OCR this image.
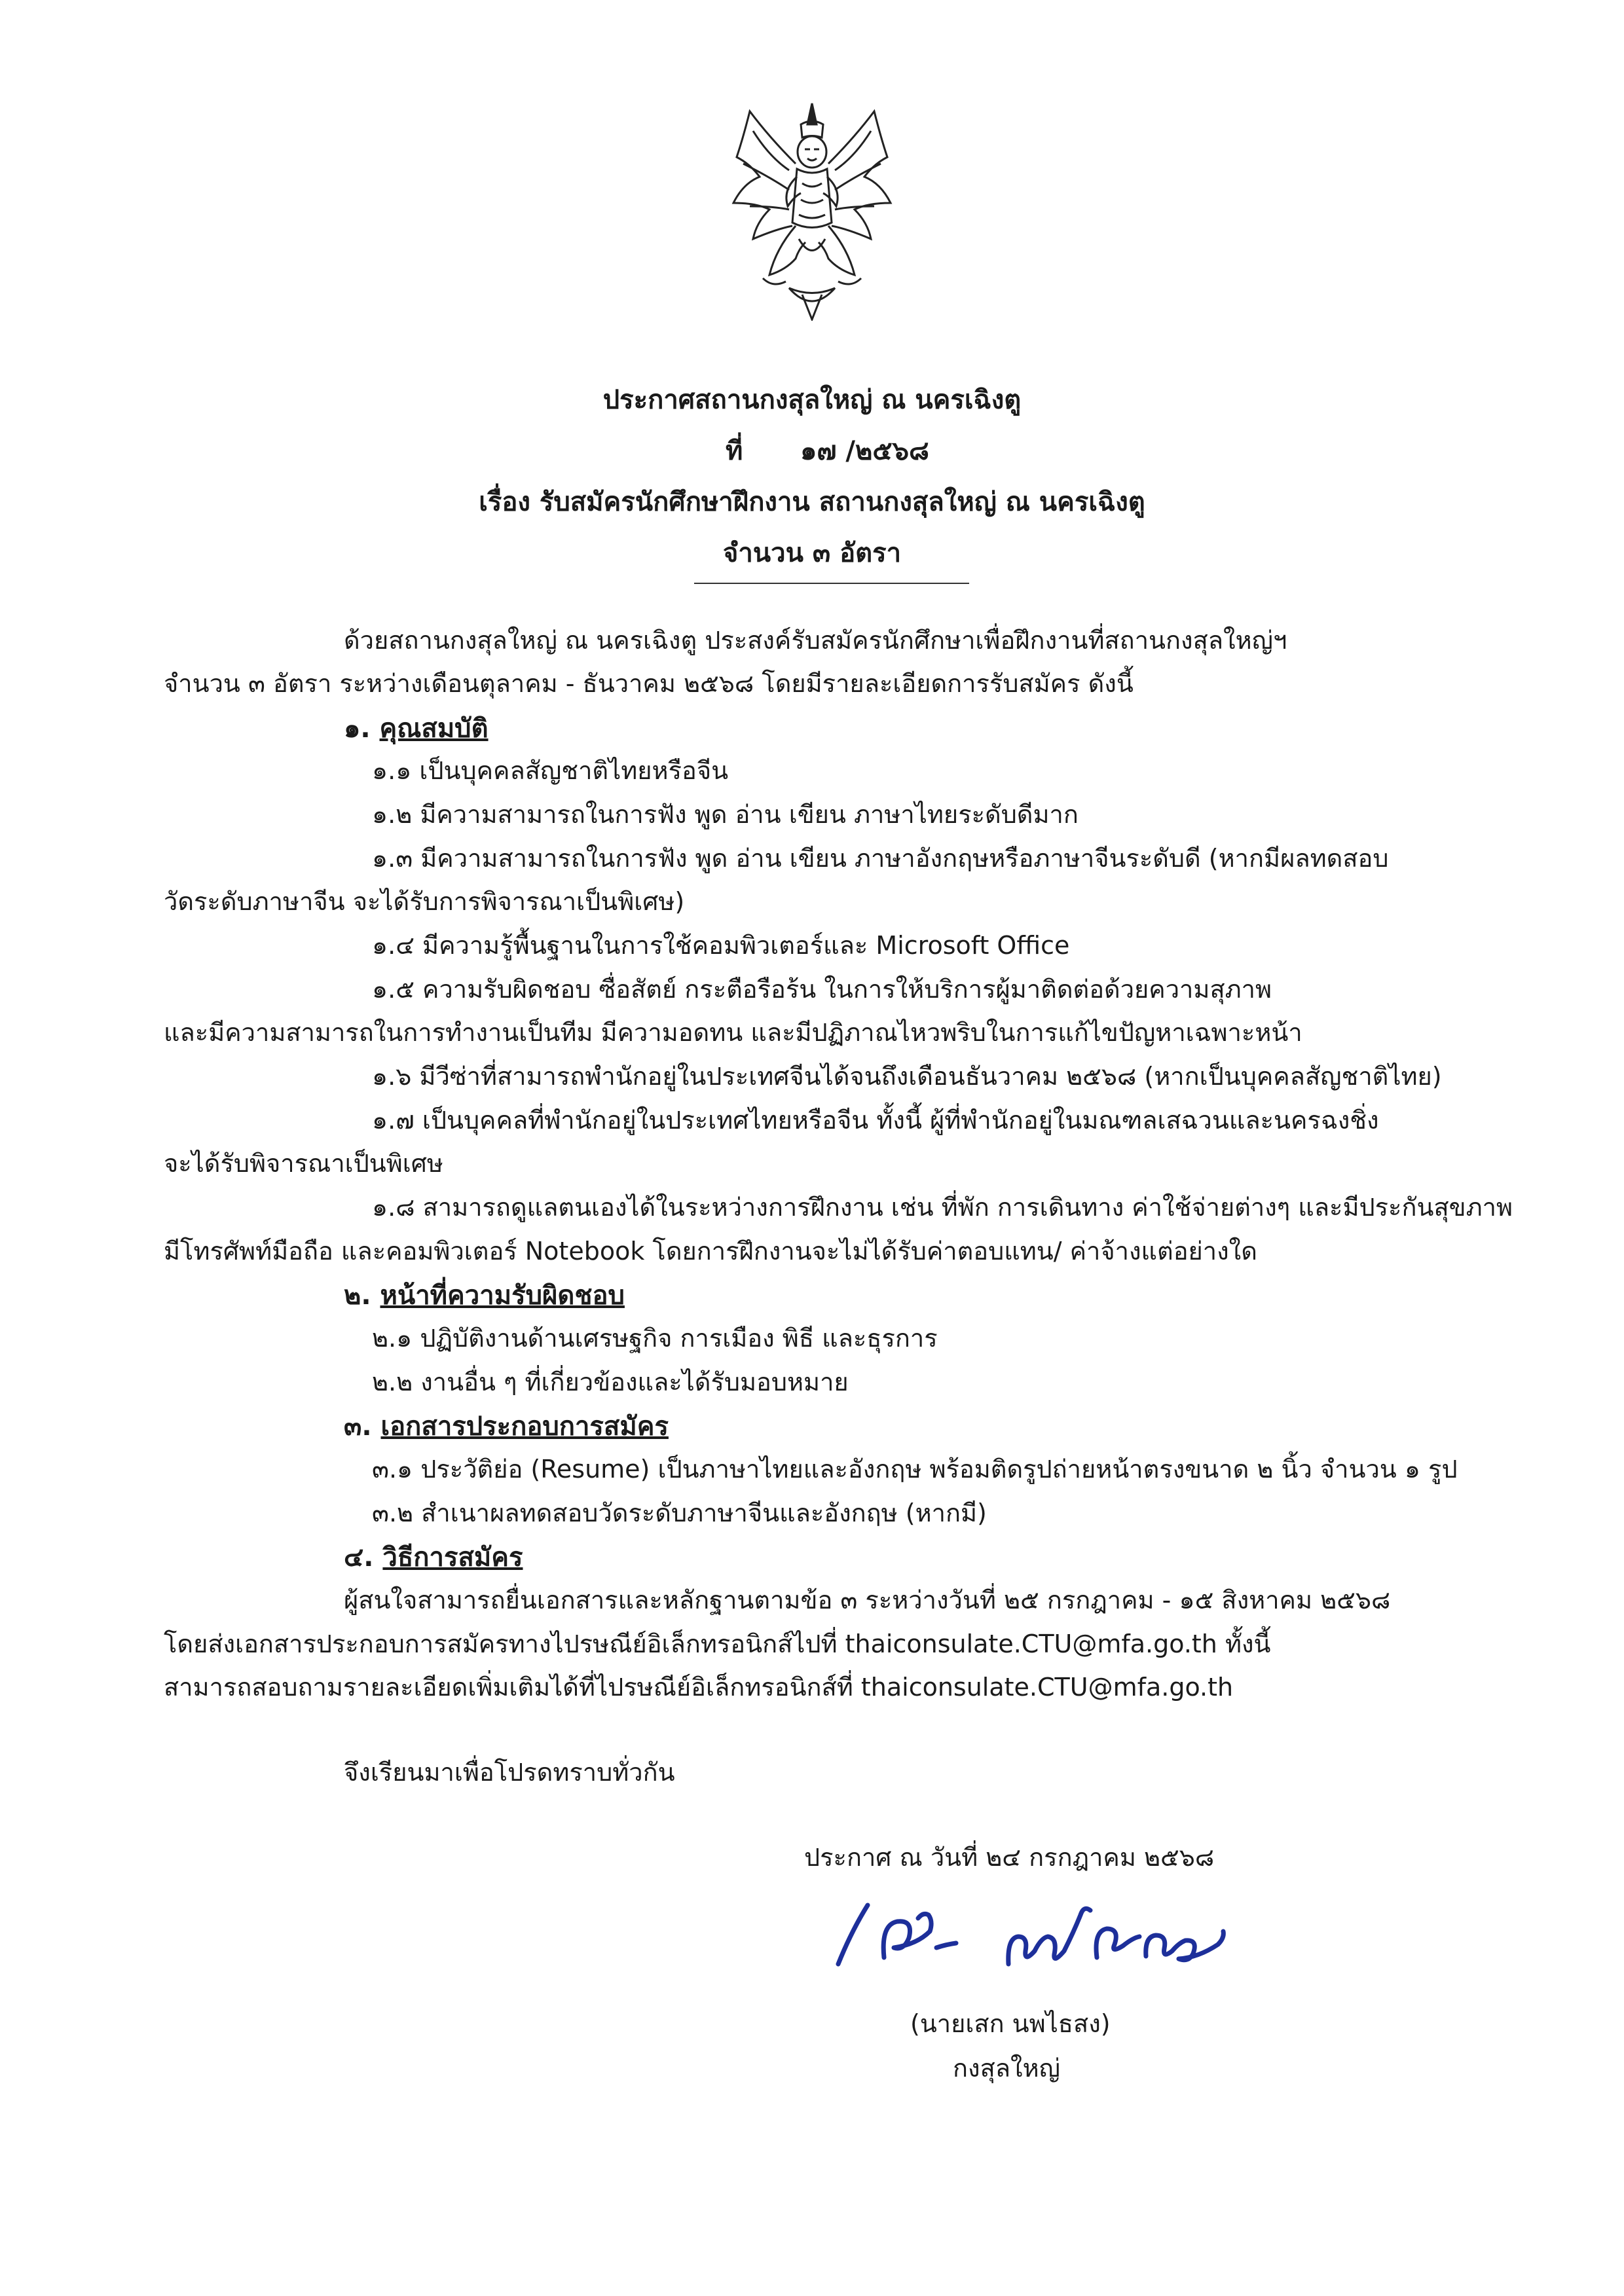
ประกาศสถานกงสุลใหญ่ ณ นครเฉิงตู
ที่ ๑๗ /๒๕๖๘
เรื่อง รับสมัครนักศึกษาฝึกงาน สถานกงสุลใหญ่ ณ นครเฉิงตู
จำนวน ๓ อัตรา
ด้วยสถานกงสุลใหญ่ ณ นครเฉิงตู ประสงค์รับสมัครนักศึกษาเพื่อฝึกงานที่สถานกงสุลใหญ่ฯ
จำนวน ๓ อัตรา ระหว่างเดือนตุลาคม - ธันวาคม ๒๕๖๘ โดยมีรายละเอียดการรับสมัคร ดังนี้
๑. คุณสมบัติ
๑.๑ เป็นบุคคลสัญชาติไทยหรือจีน
๑.๒ มีความสามารถในการฟัง พูด อ่าน เขียน ภาษาไทยระดับดีมาก
๑.๓ มีความสามารถในการฟัง พูด อ่าน เขียน ภาษาอังกฤษหรือภาษาจีนระดับดี (หากมีผลทดสอบ
วัดระดับภาษาจีน จะได้รับการพิจารณาเป็นพิเศษ)
๑.๔ มีความรู้พื้นฐานในการใช้คอมพิวเตอร์และ Microsoft Office
๑.๕ ความรับผิดชอบ ซื่อสัตย์ กระตือรือร้น ในการให้บริการผู้มาติดต่อด้วยความสุภาพ
และมีความสามารถในการทำงานเป็นทีม มีความอดทน และมีปฏิภาณไหวพริบในการแก้ไขปัญหาเฉพาะหน้า
๑.๖ มีวีซ่าที่สามารถพำนักอยู่ในประเทศจีนได้จนถึงเดือนธันวาคม ๒๕๖๘ (หากเป็นบุคคลสัญชาติไทย)
๑.๗ เป็นบุคคลที่พำนักอยู่ในประเทศไทยหรือจีน ทั้งนี้ ผู้ที่พำนักอยู่ในมณฑลเสฉวนและนครฉงชิ่ง
จะได้รับพิจารณาเป็นพิเศษ
๑.๘ สามารถดูแลตนเองได้ในระหว่างการฝึกงาน เช่น ที่พัก การเดินทาง ค่าใช้จ่ายต่างๆ และมีประกันสุขภาพ
มีโทรศัพท์มือถือ และคอมพิวเตอร์ Notebook โดยการฝึกงานจะไม่ได้รับค่าตอบแทน/ ค่าจ้างแต่อย่างใด
๒. หน้าที่ความรับผิดชอบ
๒.๑ ปฏิบัติงานด้านเศรษฐกิจ การเมือง พิธี และธุรการ
๒.๒ งานอื่น ๆ ที่เกี่ยวข้องและได้รับมอบหมาย
๓. เอกสารประกอบการสมัคร
๓.๑ ประวัติย่อ (Resume) เป็นภาษาไทยและอังกฤษ พร้อมติดรูปถ่ายหน้าตรงขนาด ๒ นิ้ว จำนวน ๑ รูป
๓.๒ สำเนาผลทดสอบวัดระดับภาษาจีนและอังกฤษ (หากมี)
๔. วิธีการสมัคร
ผู้สนใจสามารถยื่นเอกสารและหลักฐานตามข้อ ๓ ระหว่างวันที่ ๒๕ กรกฎาคม - ๑๕ สิงหาคม ๒๕๖๘
โดยส่งเอกสารประกอบการสมัครทางไปรษณีย์อิเล็กทรอนิกส์ไปที่ thaiconsulate.CTU@mfa.go.th ทั้งนี้
สามารถสอบถามรายละเอียดเพิ่มเติมได้ที่ไปรษณีย์อิเล็กทรอนิกส์ที่ thaiconsulate.CTU@mfa.go.th
จึงเรียนมาเพื่อโปรดทราบทั่วกัน
ประกาศ ณ วันที่ ๒๔ กรกฎาคม ๒๕๖๘
(นายเสก นพไธสง)
กงสุลใหญ่
